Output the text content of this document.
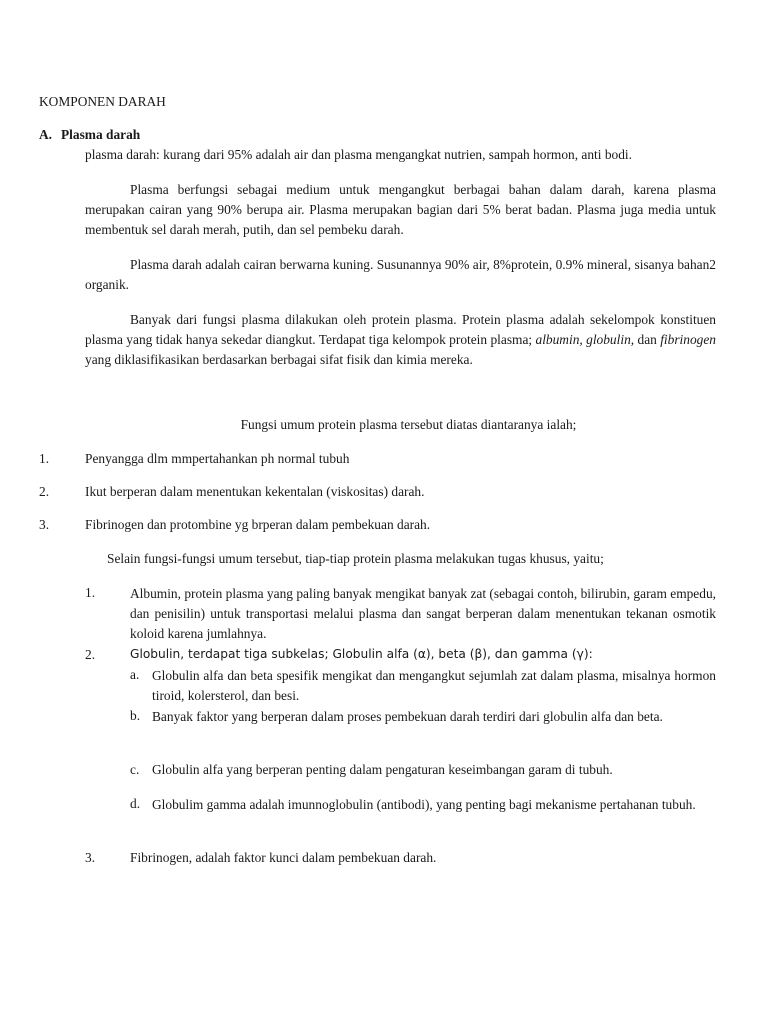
KOMPONEN DARAH
A. Plasma darah
plasma darah: kurang dari 95% adalah air dan plasma mengangkat nutrien, sampah hormon, anti bodi.

Plasma berfungsi sebagai medium untuk mengangkut berbagai bahan dalam darah, karena plasma merupakan cairan yang 90% berupa air. Plasma merupakan bagian dari 5% berat badan. Plasma juga media untuk membentuk sel darah merah, putih, dan sel pembeku darah.

Plasma darah adalah cairan berwarna kuning. Susunannya 90% air, 8%protein, 0.9% mineral, sisanya bahan2 organik.

Banyak dari fungsi plasma dilakukan oleh protein plasma. Protein plasma adalah sekelompok konstituen plasma yang tidak hanya sekedar diangkut. Terdapat tiga kelompok protein plasma; albumin, globulin, dan fibrinogen yang diklasifikasikan berdasarkan berbagai sifat fisik dan kimia mereka.

Fungsi umum protein plasma tersebut diatas diantaranya ialah;
1.	Penyangga dlm mmpertahankan ph normal tubuh
2.	Ikut berperan dalam menentukan kekentalan (viskositas) darah.
3.	Fibrinogen dan protombine yg brperan dalam pembekuan darah.
Selain fungsi-fungsi umum tersebut, tiap-tiap protein plasma melakukan tugas khusus, yaitu;
1.	Albumin, protein plasma yang paling banyak mengikat banyak zat (sebagai contoh, bilirubin, garam empedu, dan penisilin) untuk transportasi melalui plasma dan sangat berperan dalam menentukan tekanan osmotik koloid karena jumlahnya.

2.	Globulin, terdapat tiga subkelas; Globulin alfa (α), beta (β), dan gamma (γ):
a. Globulin alfa dan beta spesifik mengikat dan mengangkut sejumlah zat dalam plasma, misalnya hormon tiroid, kolersterol, dan besi.

b. Banyak faktor yang berperan dalam proses pembekuan darah terdiri dari globulin alfa dan beta.

c. Globulin alfa yang berperan penting dalam pengaturan keseimbangan garam di tubuh.
d. Globulim gamma adalah imunnoglobulin (antibodi), yang penting bagi mekanisme pertahanan tubuh.

3.	Fibrinogen, adalah faktor kunci dalam pembekuan darah.
